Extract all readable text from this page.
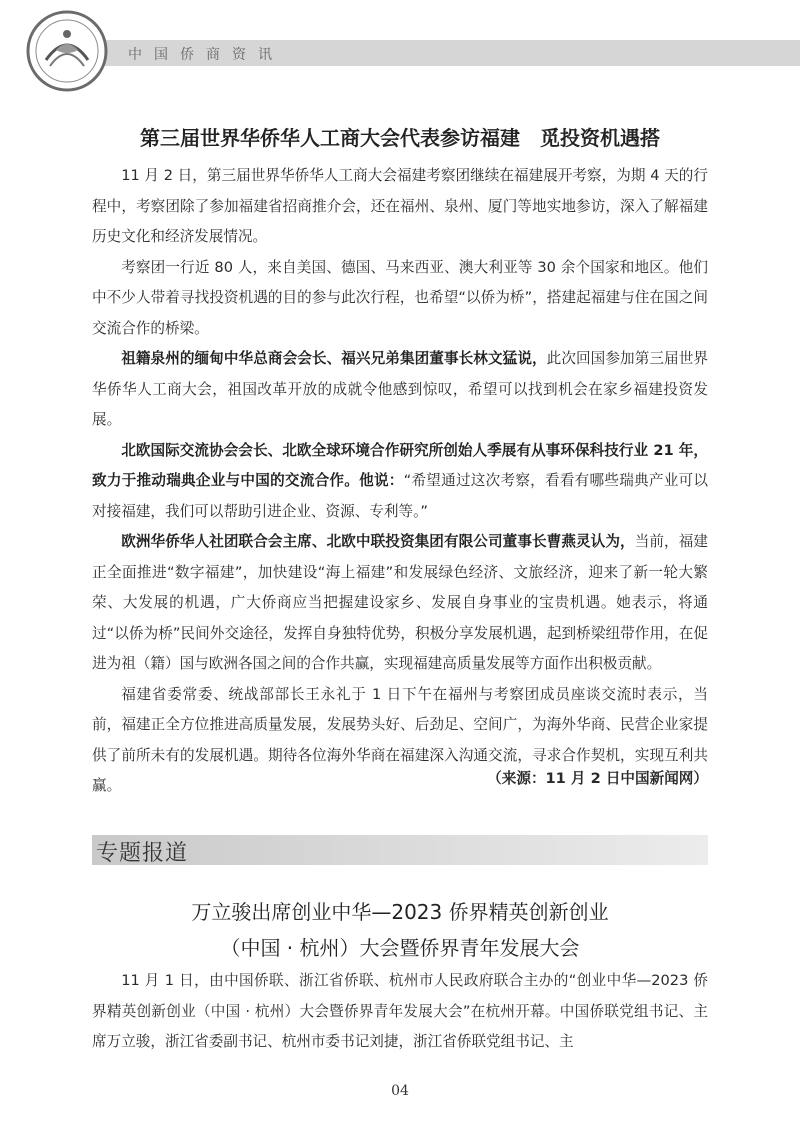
中国侨商资讯
第三届世界华侨华人工商大会代表参访福建　觅投资机遇搭

11 月 2 日，第三届世界华侨华人工商大会福建考察团继续在福建展开考察，为期 4 天的行程中，考察团除了参加福建省招商推介会，还在福州、泉州、厦门等地实地参访，深入了解福建历史文化和经济发展情况。

考察团一行近 80 人，来自美国、德国、马来西亚、澳大利亚等 30 余个国家和地区。他们中不少人带着寻找投资机遇的目的参与此次行程，也希望“以侨为桥”，搭建起福建与住在国之间交流合作的桥梁。

祖籍泉州的缅甸中华总商会会长、福兴兄弟集团董事长林文猛说，此次回国参加第三届世界华侨华人工商大会，祖国改革开放的成就令他感到惊叹，希望可以找到机会在家乡福建投资发展。

北欧国际交流协会会长、北欧全球环境合作研究所创始人季展有从事环保科技行业 21 年，致力于推动瑞典企业与中国的交流合作。他说：“希望通过这次考察，看看有哪些瑞典产业可以对接福建，我们可以帮助引进企业、资源、专利等。”

欧洲华侨华人社团联合会主席、北欧中联投资集团有限公司董事长曹燕灵认为，当前，福建正全面推进“数字福建”，加快建设“海上福建”和发展绿色经济、文旅经济，迎来了新一轮大繁荣、大发展的机遇，广大侨商应当把握建设家乡、发展自身事业的宝贵机遇。她表示，将通过“以侨为桥”民间外交途径，发挥自身独特优势，积极分享发展机遇，起到桥梁纽带作用，在促进为祖（籍）国与欧洲各国之间的合作共赢，实现福建高质量发展等方面作出积极贡献。

福建省委常委、统战部部长王永礼于 1 日下午在福州与考察团成员座谈交流时表示，当前，福建正全方位推进高质量发展，发展势头好、后劲足、空间广，为海外华商、民营企业家提供了前所未有的发展机遇。期待各位海外华商在福建深入沟通交流，寻求合作契机，实现互利共赢。	（来源：11 月 2 日中国新闻网）
专题报道
万立骏出席创业中华—2023 侨界精英创新创业
（中国 · 杭州）大会暨侨界青年发展大会

11 月 1 日，由中国侨联、浙江省侨联、杭州市人民政府联合主办的“创业中华—2023 侨界精英创新创业（中国 · 杭州）大会暨侨界青年发展大会”在杭州开幕。中国侨联党组书记、主席万立骏，浙江省委副书记、杭州市委书记刘捷，浙江省侨联党组书记、主

04
